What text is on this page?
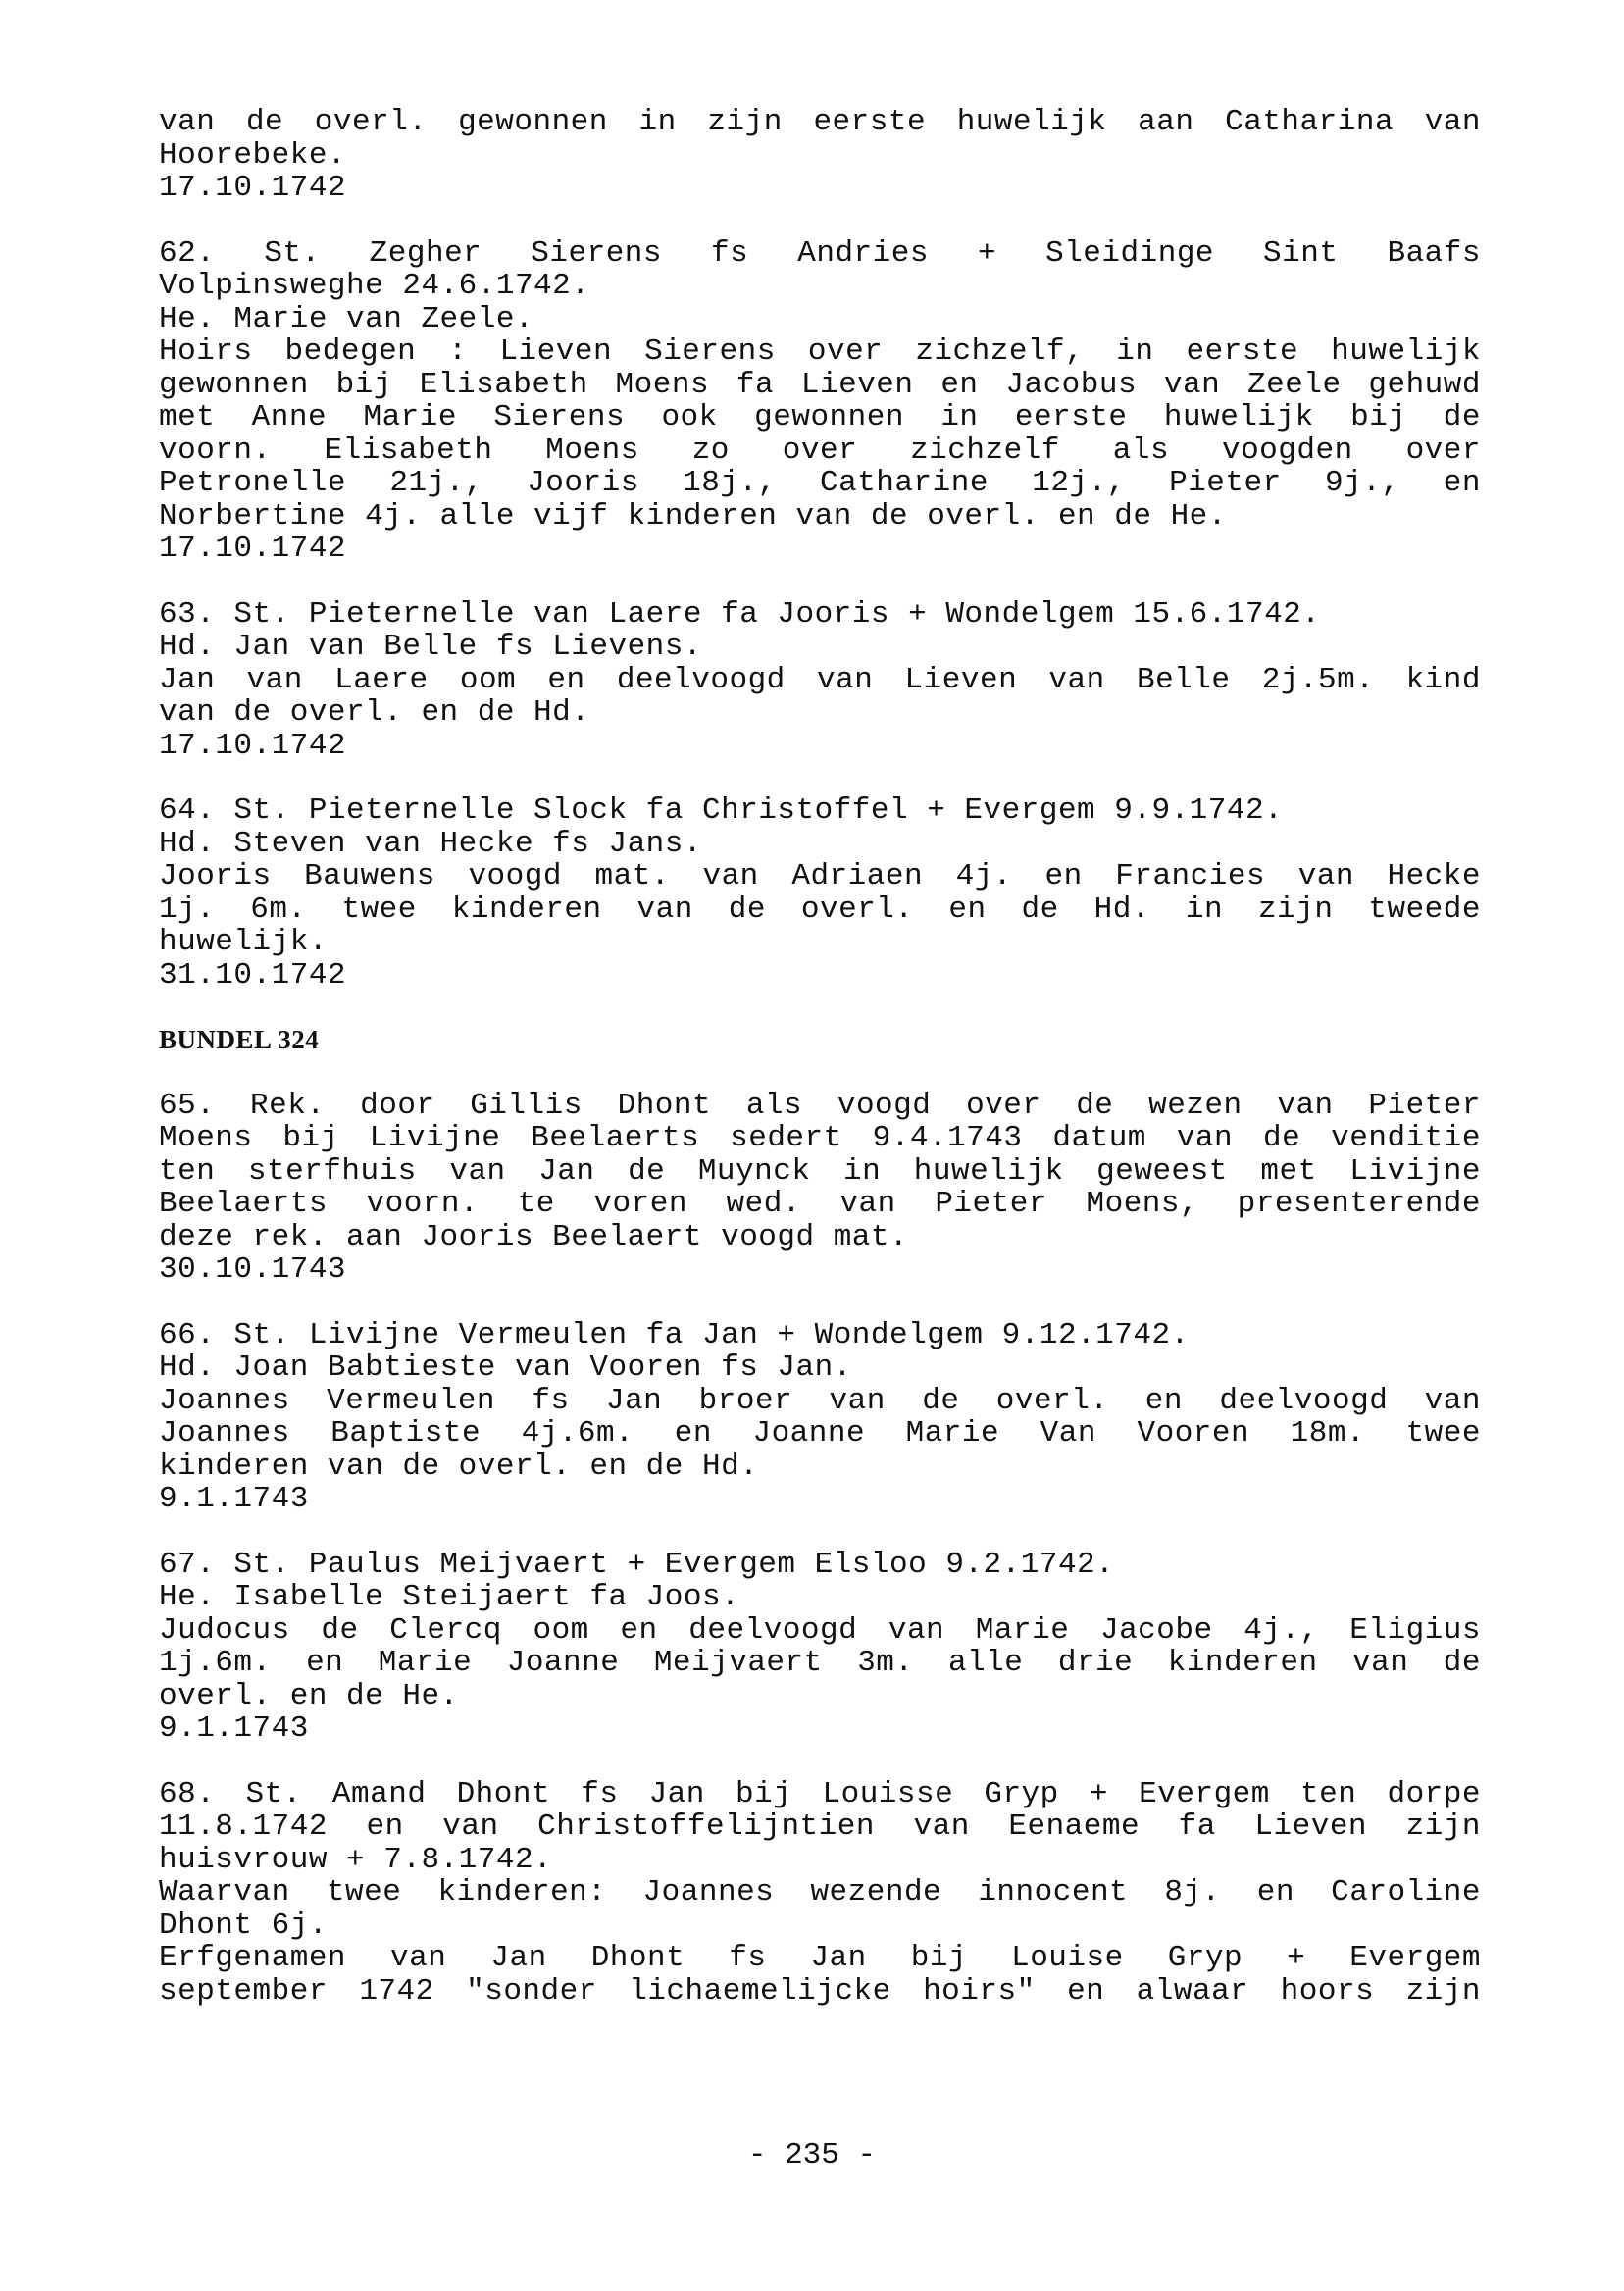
van de overl. gewonnen in zijn eerste huwelijk aan Catharina van
Hoorebeke.
17.10.1742
62. St. Zegher Sierens fs Andries + Sleidinge Sint Baafs
Volpinsweghe 24.6.1742.
He. Marie van Zeele.
Hoirs bedegen : Lieven Sierens over zichzelf, in eerste huwelijk
gewonnen bij Elisabeth Moens fa Lieven en Jacobus van Zeele gehuwd
met Anne Marie Sierens ook gewonnen in eerste huwelijk bij de
voorn. Elisabeth Moens zo over zichzelf als voogden over
Petronelle 21j., Jooris 18j., Catharine 12j., Pieter 9j., en
Norbertine 4j. alle vijf kinderen van de overl. en de He.
17.10.1742
63. St. Pieternelle van Laere fa Jooris + Wondelgem 15.6.1742.
Hd. Jan van Belle fs Lievens.
Jan van Laere oom en deelvoogd van Lieven van Belle 2j.5m. kind
van de overl. en de Hd.
17.10.1742
64. St. Pieternelle Slock fa Christoffel + Evergem 9.9.1742.
Hd. Steven van Hecke fs Jans.
Jooris Bauwens voogd mat. van Adriaen 4j. en Francies van Hecke
1j. 6m. twee kinderen van de overl. en de Hd. in zijn tweede
huwelijk.
31.10.1742
BUNDEL 324
65. Rek. door Gillis Dhont als voogd over de wezen van Pieter
Moens bij Livijne Beelaerts sedert 9.4.1743 datum van de venditie
ten sterfhuis van Jan de Muynck in huwelijk geweest met Livijne
Beelaerts voorn. te voren wed. van Pieter Moens, presenterende
deze rek. aan Jooris Beelaert voogd mat.
30.10.1743
66. St. Livijne Vermeulen fa Jan + Wondelgem 9.12.1742.
Hd. Joan Babtieste van Vooren fs Jan.
Joannes Vermeulen fs Jan broer van de overl. en deelvoogd van
Joannes Baptiste 4j.6m. en Joanne Marie Van Vooren 18m. twee
kinderen van de overl. en de Hd.
9.1.1743
67. St. Paulus Meijvaert + Evergem Elsloo 9.2.1742.
He. Isabelle Steijaert fa Joos.
Judocus de Clercq oom en deelvoogd van Marie Jacobe 4j., Eligius
1j.6m. en Marie Joanne Meijvaert 3m. alle drie kinderen van de
overl. en de He.
9.1.1743
68. St. Amand Dhont fs Jan bij Louisse Gryp + Evergem ten dorpe
11.8.1742 en van Christoffelijntien van Eenaeme fa Lieven zijn
huisvrouw + 7.8.1742.
Waarvan twee kinderen: Joannes wezende innocent 8j. en Caroline
Dhont 6j.
Erfgenamen van Jan Dhont fs Jan bij Louise Gryp + Evergem
september 1742 "sonder lichaemelijcke hoirs" en alwaar hoors zijn
- 235 -
